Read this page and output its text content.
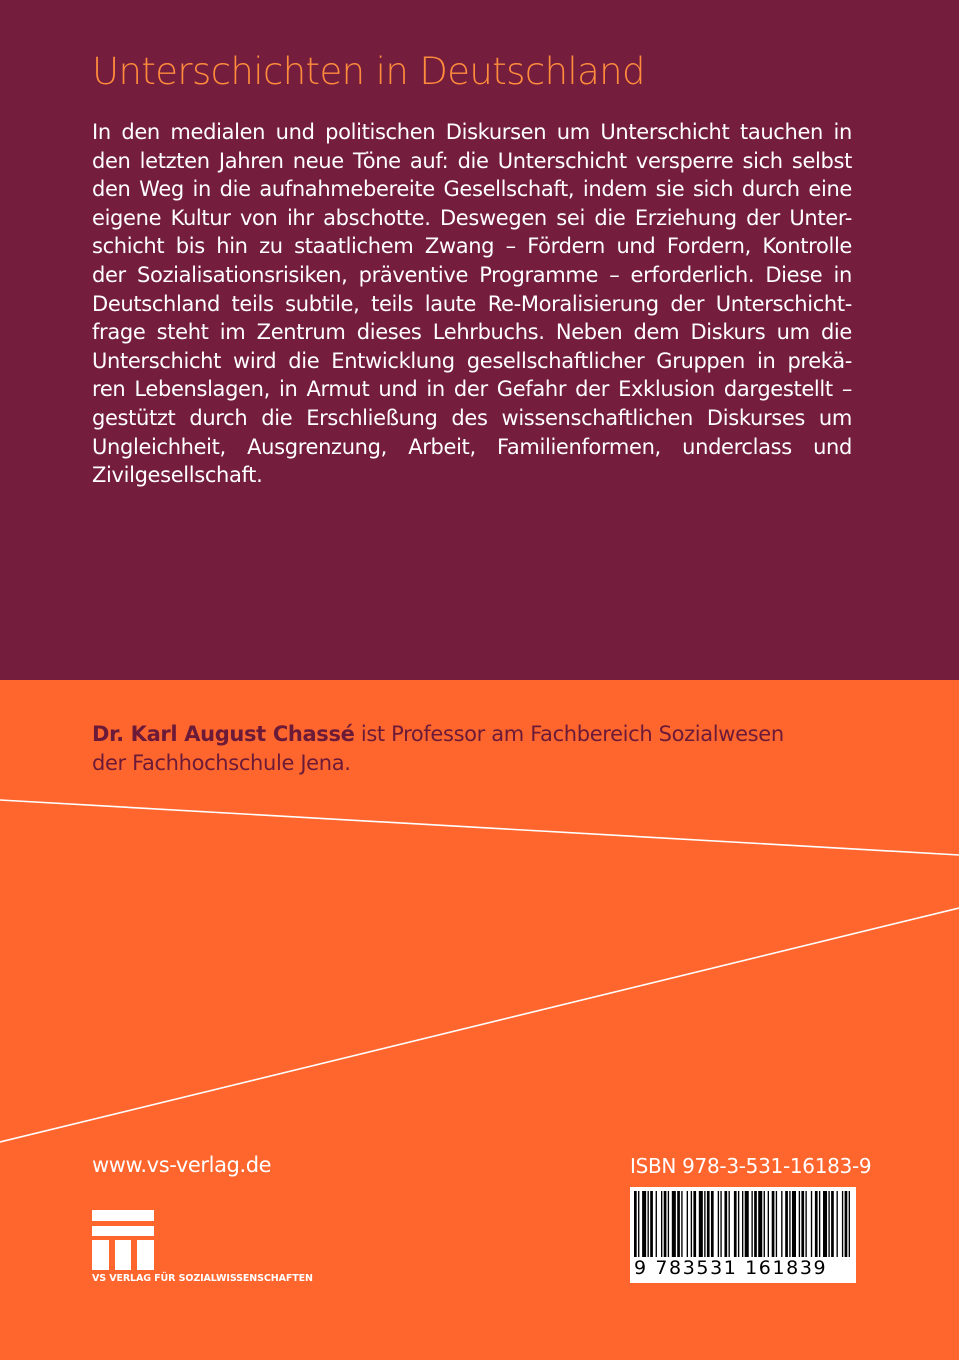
Unterschichten in Deutschland
In den medialen und politischen Diskursen um Unterschicht tauchen in
den letzten Jahren neue Töne auf: die Unterschicht versperre sich selbst
den Weg in die aufnahmebereite Gesellschaft, indem sie sich durch eine
eigene Kultur von ihr abschotte. Deswegen sei die Erziehung der Unter-
schicht bis hin zu staatlichem Zwang – Fördern und Fordern, Kontrolle
der Sozialisationsrisiken, präventive Programme – erforderlich. Diese in
Deutschland teils subtile, teils laute Re-Moralisierung der Unterschicht-
frage steht im Zentrum dieses Lehrbuchs. Neben dem Diskurs um die
Unterschicht wird die Entwicklung gesellschaftlicher Gruppen in prekä-
ren Lebenslagen, in Armut und in der Gefahr der Exklusion dargestellt –
gestützt durch die Erschließung des wissenschaftlichen Diskurses um
Ungleichheit, Ausgrenzung, Arbeit, Familienformen, underclass und
Zivilgesellschaft.
Dr. Karl August Chassé ist Professor am Fachbereich Sozialwesen
der Fachhochschule Jena.
www.vs-verlag.de
VS VERLAG FÜR SOZIALWISSENSCHAFTEN
ISBN 978-3-531-16183-9
9 783531 161839
